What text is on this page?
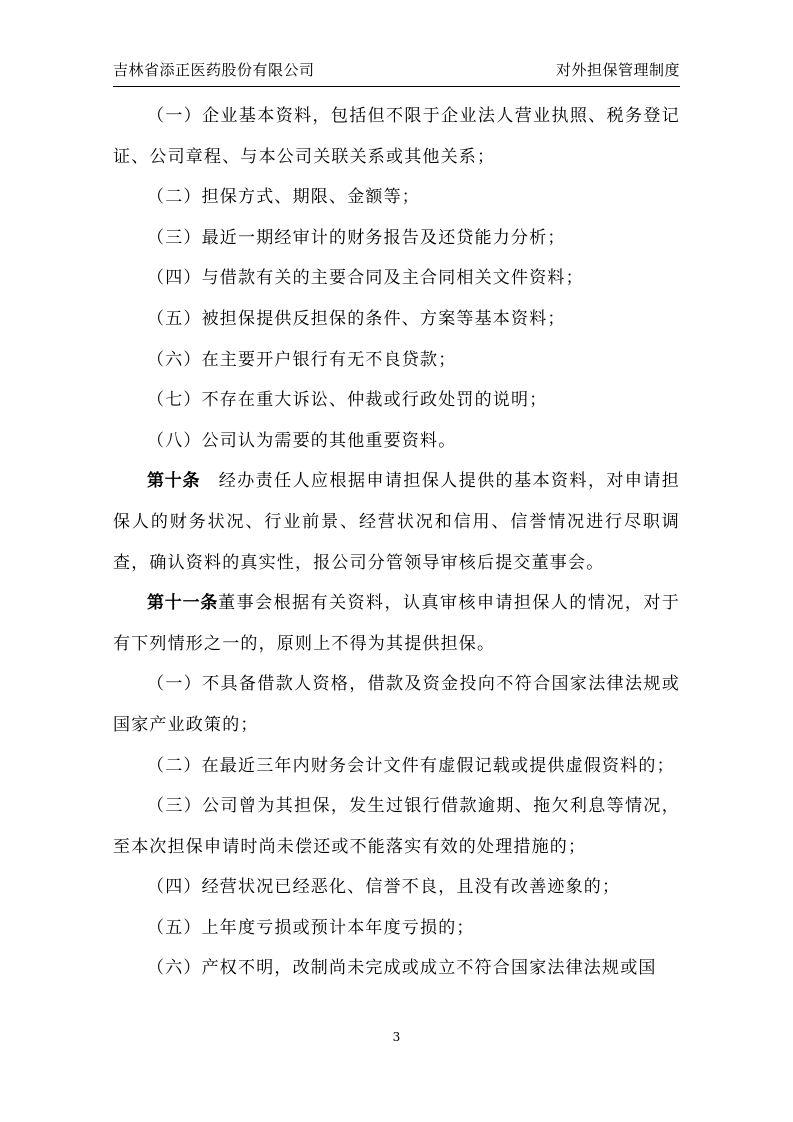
吉林省添正医药股份有限公司	对外担保管理制度

（一）企业基本资料，包括但不限于企业法人营业执照、税务登记证、公司章程、与本公司关联关系或其他关系；

（二）担保方式、期限、金额等；

（三）最近一期经审计的财务报告及还贷能力分析；

（四）与借款有关的主要合同及主合同相关文件资料；

（五）被担保提供反担保的条件、方案等基本资料；

（六）在主要开户银行有无不良贷款；

（七）不存在重大诉讼、仲裁或行政处罚的说明；

（八）公司认为需要的其他重要资料。

第十条　经办责任人应根据申请担保人提供的基本资料，对申请担保人的财务状况、行业前景、经营状况和信用、信誉情况进行尽职调查，确认资料的真实性，报公司分管领导审核后提交董事会。

第十一条董事会根据有关资料，认真审核申请担保人的情况，对于有下列情形之一的，原则上不得为其提供担保。

（一）不具备借款人资格，借款及资金投向不符合国家法律法规或国家产业政策的；

（二）在最近三年内财务会计文件有虚假记载或提供虚假资料的；

（三）公司曾为其担保，发生过银行借款逾期、拖欠利息等情况，至本次担保申请时尚未偿还或不能落实有效的处理措施的；

（四）经营状况已经恶化、信誉不良，且没有改善迹象的；

（五）上年度亏损或预计本年度亏损的；

（六）产权不明，改制尚未完成或成立不符合国家法律法规或国

3
